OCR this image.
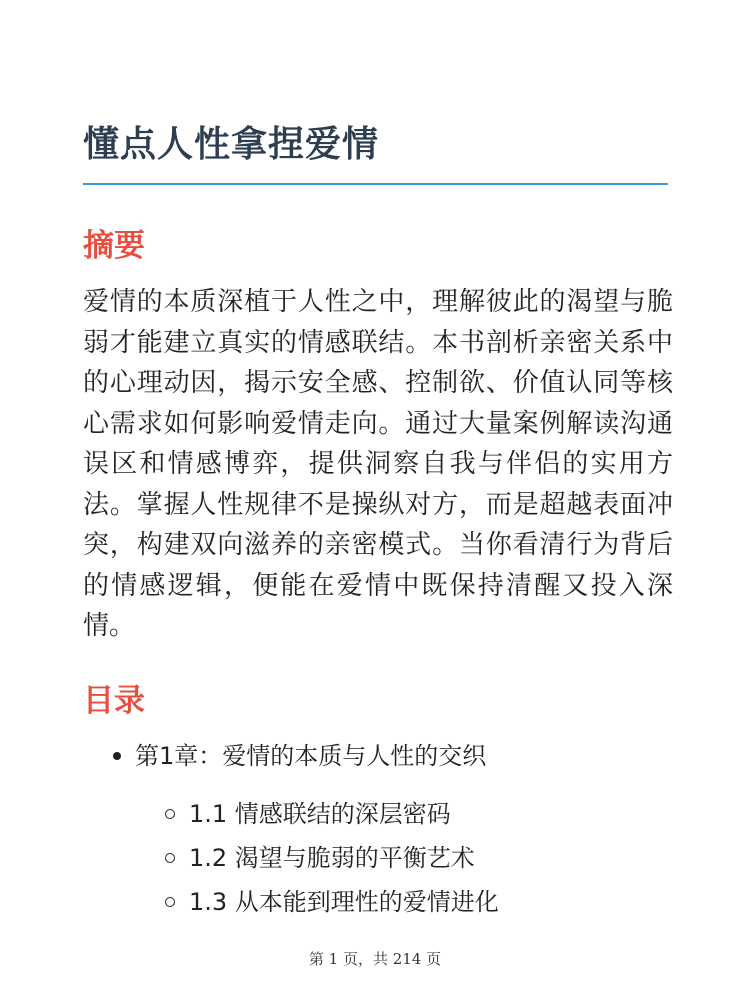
懂点人性拿捏爱情
摘要

爱情的本质深植于人性之中，理解彼此的渴望与脆弱才能建立真实的情感联结。本书剖析亲密关系中的心理动因，揭示安全感、控制欲、价值认同等核心需求如何影响爱情走向。通过大量案例解读沟通误区和情感博弈，提供洞察自我与伴侣的实用方法。掌握人性规律不是操纵对方，而是超越表面冲突，构建双向滋养的亲密模式。当你看清行为背后的情感逻辑，便能在爱情中既保持清醒又投入深情。

目录
第1章：爱情的本质与人性的交织
1.1 情感联结的深层密码
1.2 渴望与脆弱的平衡艺术
1.3 从本能到理性的爱情进化
第 1 页，共 214 页
